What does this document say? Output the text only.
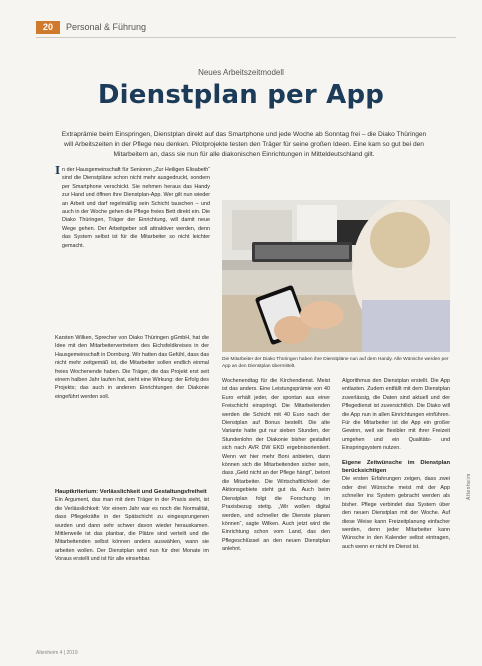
20	Personal & Führung
Neues Arbeitszeitmodell
Dienstplan per App
Extraprämie beim Einspringen, Dienstplan direkt auf das Smartphone und jede Woche ab Sonntag frei – die Diako Thüringen will Arbeitszeiten in der Pflege neu denken. Pilotprojekte testen den Träger für seine großen Ideen. Eine kam so gut bei den Mitarbeitern an, dass sie nun für alle diakonischen Einrichtungen in Mitteldeutschland gilt.
I n der Hausgemeinschaft für Senioren „Zur Heiligen Elisabeth“ sind die Dienstpläne schon nicht mehr ausgedruckt, sondern per Smartphone verschickt. Sie nehmen heraus das Handy zur Hand und öffnen ihre Dienstplan-App. Wer gilt nun wieder an Arbeit und darf regelmäßig sein Schicht tauschen – und auch in der Woche gehen die Pflege freies Bett direkt ein. Die Diako Thüringen, Träger der Einrichtung, will damit neue Wege gehen. Der Arbeitgeber soll attraktiver werden, denn das System selbst ist für die Mitarbeiter so nicht leichter gemacht.

Karsten Wilken, Sprecher von Diako Thüringen gGmbH, hat die Idee mit den Mitarbeitervertretern des Eichsfeldkreises in der Hausgemeinschaft in Dornburg. Wir hatten das Gefühl, dass das nicht mehr zeitgemäß ist, die Mitarbeiter sollen endlich einmal freies Wochenende haben. Die Träger, die das Projekt erst seit einem halben Jahr laufen hat, sieht eine Wirkung: der Erfolg des Projekts; das auch in anderen Einrichtungen der Diakonie eingeführt werden soll.

Hauptkriterium: Verlässlichkeit und Gestaltungsfreiheit

Ein Argument, das man mit dem Träger in der Praxis sieht, ist die Verlässlichkeit: Vor einem Jahr war es noch die Normalität, dass Pflegekräfte in der Spätschicht zu eingesprungenen wurden und dann sehr schwer davon wieder herauskamen. Mittlerweile ist das planbar, die Plätze sind verteilt und die Mitarbeitenden selbst können anders auswählen, wann sie arbeiten wollen. Der Dienstplan wird nun für drei Monate im Voraus erstellt und ist für alle einsehbar.

Die Mitarbeiter der Diako Thüringen haben ihre Dienstpläne nun auf dem Handy. Alle Wünsche werden per App an den Dienstplan übermittelt.

Wochenendtag für die Kirchendienst. Meist ist das anders. Eine Leistungsprämie von 40 Euro erhält jeder, der spontan aus einer Freischicht einspringt. Die Mitarbeitenden werden die Schicht mit 40 Euro nach der Dienstplan auf Bonus bestellt. Die alte Variante hatte gut nur sieben Stunden, der Stundenlohn der Diakonie bisher gestaltet sich nach AVR DW EKD ergebnisorientiert. Wenn wir hier mehr Boni anbieten, dann können sich die Mitarbeitenden sicher sein, dass „Geld nicht an der Pflege hängt“, betont die Mitarbeiter. Die Wirtschaftlichkeit der Aktionsgebiete steht gut da. Auch beim Dienstplan folgt die Forschung im Praxisbezug stetig. „Wir wollen digital werden, und schneller die Dienste planen können“, sagte Wilken. Auch jetzt wird die Einrichtung schon vom Land, das den Pflegeschlüssel an den neuen Dienstplan anlehnt.

Algorithmus den Dienstplan erstellt. Die App entlasten. Zudem entfällt mit dem Dienstplan zuverlässig, die Daten sind aktuell und der Pflegedienst ist zuversichtlich. Die Diako will die App nun in allen Einrichtungen einführen. Für die Mitarbeiter ist die App ein großer Gewinn, weil sie flexibler mit ihrer Freizeit umgehen und ein Qualitäts- und Einspringsystem nutzen.

Eigene Zeitwünsche im Dienstplan berücksichtigen

Die ersten Erfahrungen zeigen, dass zwei oder drei Wünsche meist mit der App schneller ins System gebracht werden als bisher. Pflege verbindet das System über den neuen Dienstplan mit der Woche. Auf diese Weise kann Freizeitplanung einfacher werden, denn jeder Mitarbeiter kann Wünsche in den Kalender selbst eintragen, auch wenn er nicht im Dienst ist.

Altenheim
Altenheim 4 | 2019
